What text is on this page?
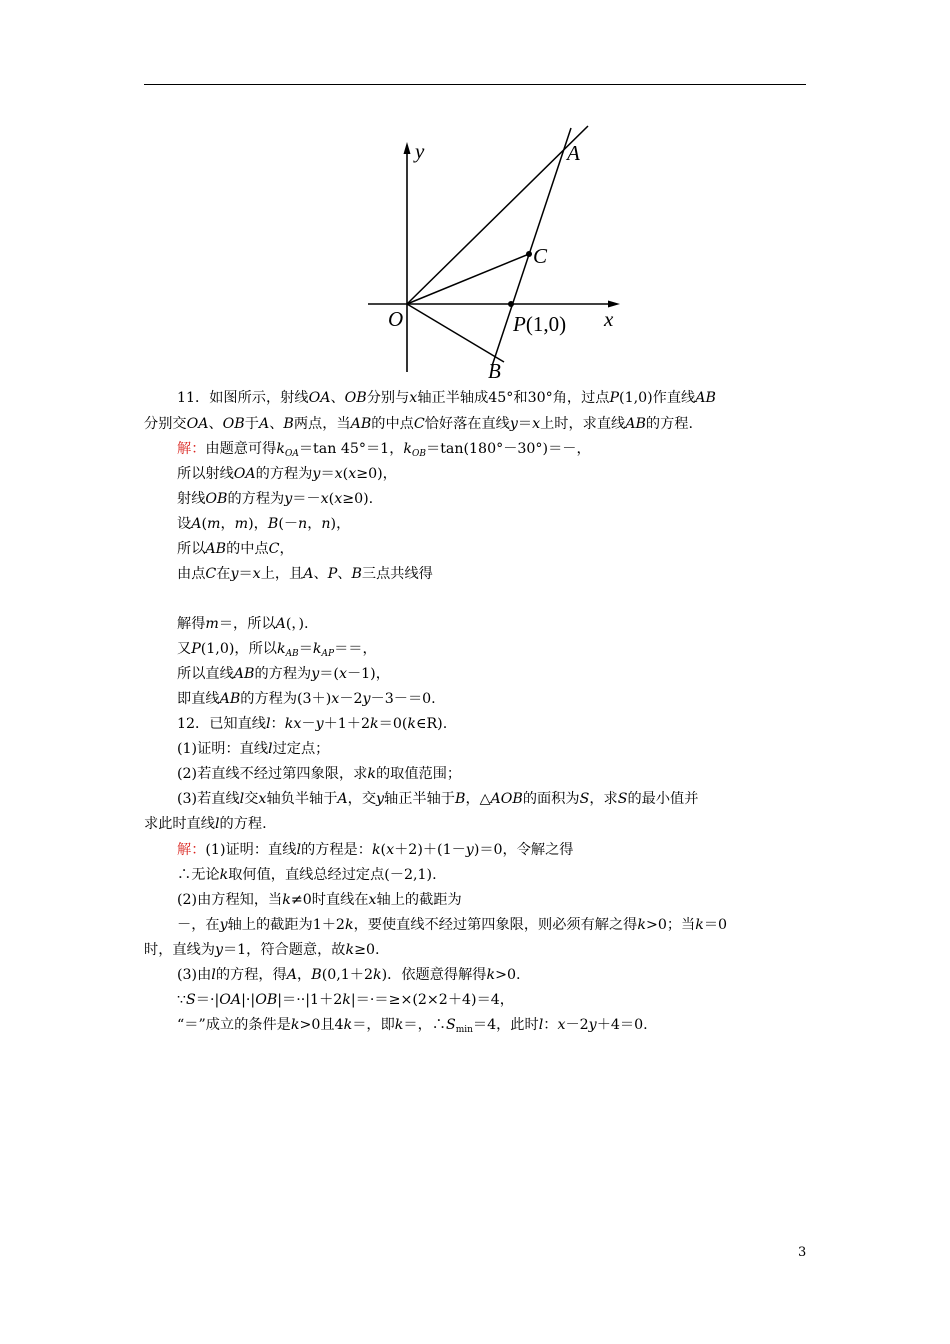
y
x
O
A
B
C
P(1,0)
11．如图所示，射线OA、OB分别与x轴正半轴成45°和30°角，过点P(1,0)作直线AB
分别交OA、OB于A、B两点，当AB的中点C恰好落在直线y＝x上时，求直线AB的方程.
解：由题意可得$k_{OA}=\tan$ 45°＝1，$k_{OB}=\tan(180^\circ-30^\circ)=-$，
所以射线OA的方程为y＝x(x≥0)，
射线OB的方程为y＝－x(x≥0).
设A(m，m)，B(－n，n)，
所以AB的中点C，
由点C在y＝x上，且A、P、B三点共线得
解得m＝，所以A(，).
又P(1,0)，所以$k_{AB}=k_{AP}==$，
所以直线AB的方程为y＝(x－1)，
即直线AB的方程为(3＋)x－2y－3－＝0.
12．已知直线l：kx－y＋1＋2k＝0(k∈R).
(1)证明：直线l过定点；
(2)若直线不经过第四象限，求k的取值范围；
(3)若直线l交x轴负半轴于A，交y轴正半轴于B，△AOB的面积为S，求S的最小值并
求此时直线l的方程.
解：(1)证明：直线l的方程是：k(x＋2)＋(1－y)＝0，令解之得
∴无论k取何值，直线总经过定点(－2,1).
(2)由方程知，当k≠0时直线在x轴上的截距为
－，在y轴上的截距为1＋2k，要使直线不经过第四象限，则必须有解之得k>0；当k＝0
时，直线为y＝1，符合题意，故k≥0.
(3)由l的方程，得A，B(0,1＋2k)．依题意得解得k>0.
∵S＝·|OA|·|OB|＝··|1＋2k|＝·＝≥×(2×2＋4)＝4，
“＝”成立的条件是k>0且4k＝，即k＝，$\therefore S_{min}=4$，此时l：x－2y＋4＝0.
3
